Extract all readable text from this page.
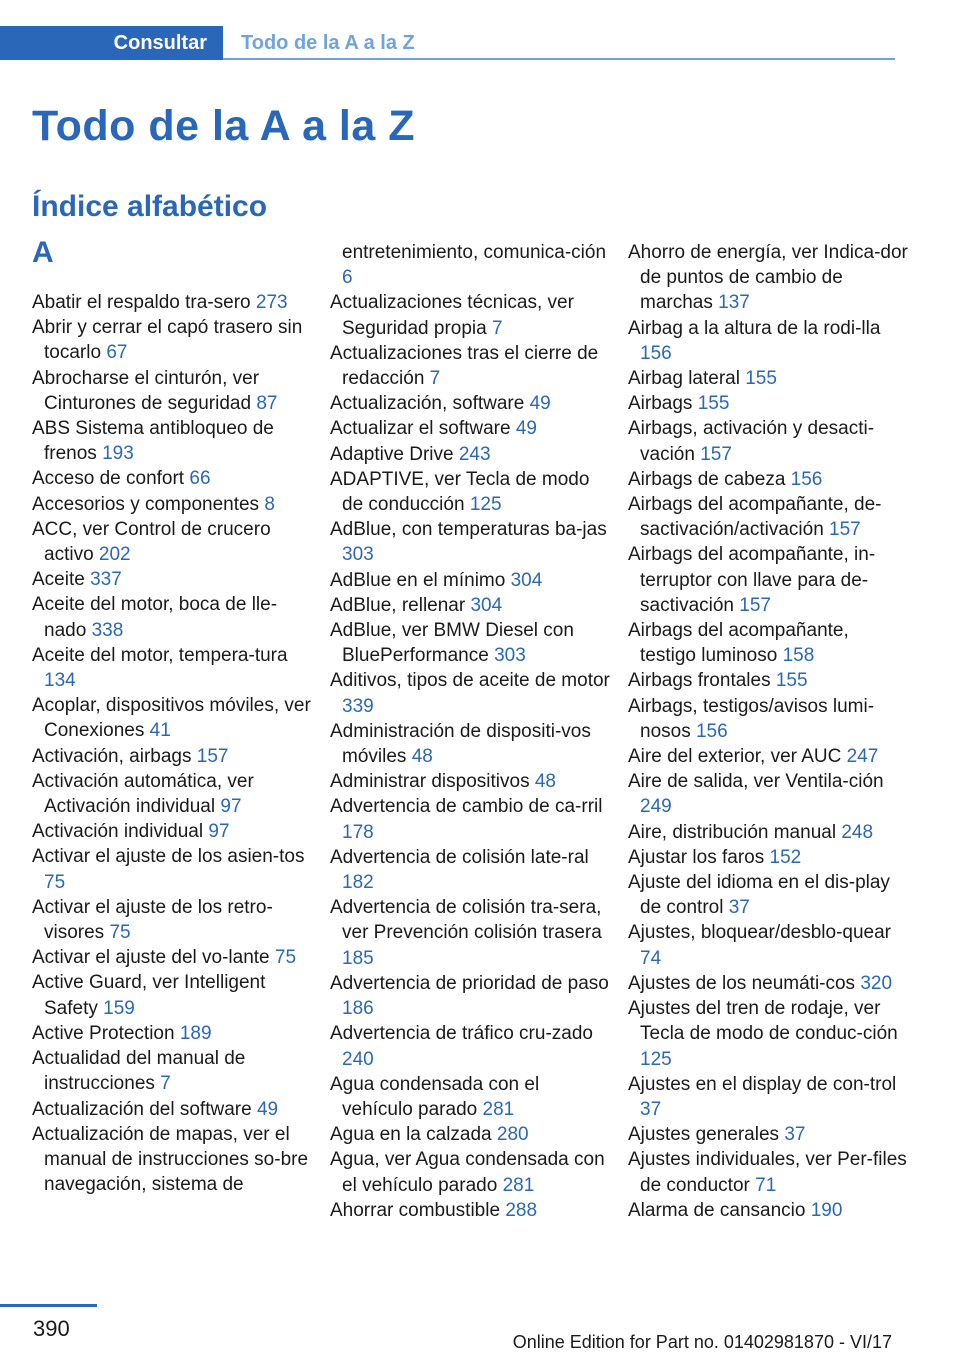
Consultar Todo de la A a la Z
Todo de la A a la Z
Índice alfabético
A
Abatir el respaldo tra-sero 273
Abrir y cerrar el capó trasero sin tocarlo 67
Abrocharse el cinturón, ver Cinturones de seguridad 87
ABS Sistema antibloqueo de frenos 193
Acceso de confort 66
Accesorios y componentes 8
ACC, ver Control de crucero activo 202
Aceite 337
Aceite del motor, boca de lle-nado 338
Aceite del motor, tempera-tura 134
Acoplar, dispositivos móviles, ver Conexiones 41
Activación, airbags 157
Activación automática, ver Activación individual 97
Activación individual 97
Activar el ajuste de los asien-tos 75
Activar el ajuste de los retro-visores 75
Activar el ajuste del vo-lante 75
Active Guard, ver Intelligent Safety 159
Active Protection 189
Actualidad del manual de instrucciones 7
Actualización del software 49
Actualización de mapas, ver el manual de instrucciones so-bre navegación, sistema de
entretenimiento, comunica-ción 6
Actualizaciones técnicas, ver Seguridad propia 7
Actualizaciones tras el cierre de redacción 7
Actualización, software 49
Actualizar el software 49
Adaptive Drive 243
ADAPTIVE, ver Tecla de modo de conducción 125
AdBlue, con temperaturas ba-jas 303
AdBlue en el mínimo 304
AdBlue, rellenar 304
AdBlue, ver BMW Diesel con BluePerformance 303
Aditivos, tipos de aceite de motor 339
Administración de dispositi-vos móviles 48
Administrar dispositivos 48
Advertencia de cambio de ca-rril 178
Advertencia de colisión late-ral 182
Advertencia de colisión tra-sera, ver Prevención colisión trasera 185
Advertencia de prioridad de paso 186
Advertencia de tráfico cru-zado 240
Agua condensada con el vehículo parado 281
Agua en la calzada 280
Agua, ver Agua condensada con el vehículo parado 281
Ahorrar combustible 288
Ahorro de energía, ver Indica-dor de puntos de cambio de marchas 137
Airbag a la altura de la rodi-lla 156
Airbag lateral 155
Airbags 155
Airbags, activación y desacti-vación 157
Airbags de cabeza 156
Airbags del acompañante, de-sactivación/activación 157
Airbags del acompañante, in-terruptor con llave para de-sactivación 157
Airbags del acompañante, testigo luminoso 158
Airbags frontales 155
Airbags, testigos/avisos lumi-nosos 156
Aire del exterior, ver AUC 247
Aire de salida, ver Ventila-ción 249
Aire, distribución manual 248
Ajustar los faros 152
Ajuste del idioma en el dis-play de control 37
Ajustes, bloquear/desblo-quear 74
Ajustes de los neumáti-cos 320
Ajustes del tren de rodaje, ver Tecla de modo de conduc-ción 125
Ajustes en el display de con-trol 37
Ajustes generales 37
Ajustes individuales, ver Per-files de conductor 71
Alarma de cansancio 190
390
Online Edition for Part no. 01402981870 - VI/17
